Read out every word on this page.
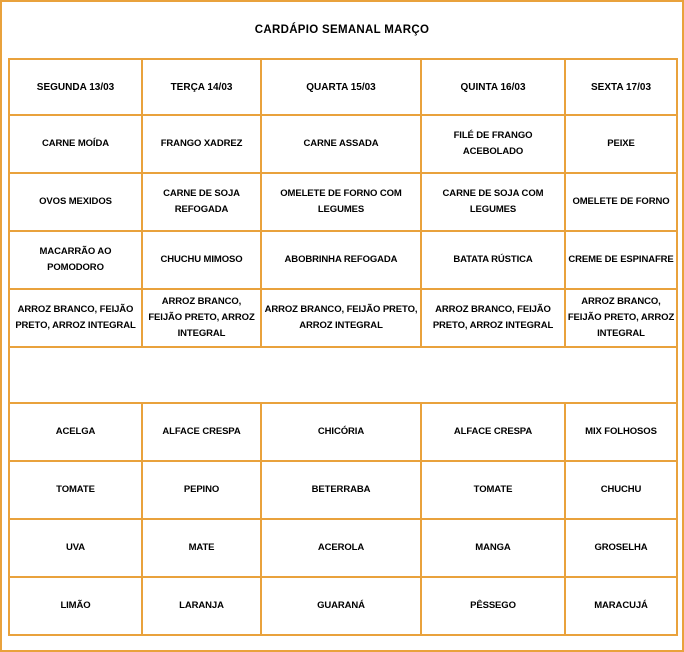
CARDÁPIO SEMANAL MARÇO
SEGUNDA 13/03	TERÇA 14/03	QUARTA 15/03	QUINTA 16/03	SEXTA 17/03
CARNE MOÍDA	FRANGO XADREZ	CARNE ASSADA	FILÉ DE FRANGO ACEBOLADO	PEIXE
OVOS MEXIDOS	CARNE DE SOJA REFOGADA	OMELETE DE FORNO COM LEGUMES	CARNE DE SOJA COM LEGUMES	OMELETE DE FORNO
MACARRÃO AO POMODORO	CHUCHU MIMOSO	ABOBRINHA REFOGADA	BATATA RÚSTICA	CREME DE ESPINAFRE
ARROZ BRANCO, FEIJÃO PRETO, ARROZ INTEGRAL	ARROZ BRANCO, FEIJÃO PRETO, ARROZ INTEGRAL	ARROZ BRANCO, FEIJÃO PRETO, ARROZ INTEGRAL	ARROZ BRANCO, FEIJÃO PRETO, ARROZ INTEGRAL	ARROZ BRANCO, FEIJÃO PRETO, ARROZ INTEGRAL

ACELGA	ALFACE CRESPA	CHICÓRIA	ALFACE CRESPA	MIX FOLHOSOS
TOMATE	PEPINO	BETERRABA	TOMATE	CHUCHU
UVA	MATE	ACEROLA	MANGA	GROSELHA
LIMÃO	LARANJA	GUARANÁ	PÊSSEGO	MARACUJÁ
